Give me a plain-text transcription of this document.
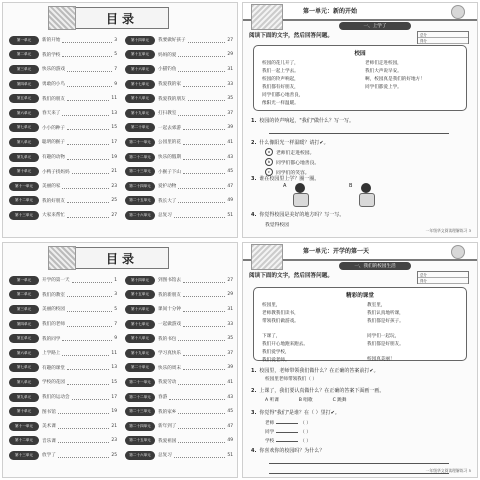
目录
第一单元	新的开始	3
第二单元	我的学校	5
第三单元	快乐的游戏	7
第四单元	勇敢的小鸟	9
第五单元	我们的朋友	11
第六单元	春天来了	13
第七单元	小小的种子	15
第八单元	聪明的猴子	17
第九单元	有趣的动物	19
第十单元	小鸭子找妈妈	21
第十一单元	美丽的家	23
第十二单元	我的好朋友	25
第十三单元	大家来帮忙	27
第十四单元	我要做好孩子	27
第十五单元	妈妈的爱	29
第十六单元	小猫钓鱼	31
第十七单元	我爱我的家	33
第十八单元	我爱我的朋友	35
第十九单元	打扫教室	37
第二十单元	一起去郊游	39
第二十一单元	公园里的花	41
第二十二单元	快乐的假期	43
第二十三单元	小猴子下山	45
第二十四单元	爱护动物	47
第二十五单元	我长大了	49
第二十六单元	总复习	51
第一单元：新的开始
一、上学了
阅读下面的文字，然后回答问题。	总分
得分
校园
校园的花儿开了，	老师们走进校园，
我们一起上学去。	我们大声说早安。
校园的铃声响起，	啊，校园真是我们的好地方！
我们都有好朋友，	同学们都爱上学。
同学们都心地善良，
像阳光一样温暖。
1. 校园的铃声响起，"我们"做什么？写一写。
2. 什么像阳光一样温暖？请打✔。
a	老师们走进校园。
b	同学们都心地善良。
c	同学们的笑容。
3. 谁在校园里上学？圈一圈。
A	B
4. 你觉得校园是美好的地方吗？写一写。
我觉得校园
一年级华文阅读理解练习 3
目录
第一单元	开学的第一天	1
第二单元	我们的教室	3
第三单元	美丽的校园	5
第四单元	我们的老师	7
第五单元	我的同学	9
第六单元	上学路上	11
第七单元	有趣的课堂	13
第八单元	学校的花园	15
第九单元	我们的运动会	17
第十单元	图书馆	19
第十一单元	美术课	21
第十二单元	音乐课	23
第十三单元	放学了	25
第十四单元	到图书馆去	27
第十五单元	我的新朋友	29
第十六单元	课间十分钟	31
第十七单元	一起做游戏	33
第十八单元	我的书包	35
第十九单元	学习真快乐	37
第二十单元	快乐的周末	39
第二十一单元	我爱劳动	41
第二十二单元	春游	43
第二十三单元	我的家乡	45
第二十四单元	新年到了	47
第二十五单元	我爱祖国	49
第二十六单元	总复习	51
第一单元：开学的第一天
一、我们的校园生活
阅读下面的文字，然后回答问题。	总分
得分
精彩的课堂
校园里，
老师教我们读书，
带领我们做游戏。
下课了，
我们开心地跑来跑去。
我们爱学校，
我们爱老师。
教室里，
我们认真地听课，
我们都是好孩子。
同学们一起玩，
我们都是好朋友。
校园真美丽！
1. 校园里，老师带领我们做什么？在正确的答案前打✔。
校园里老师带领我们（ ）
2. 上课了，我们要认真做什么？在正确的答案下面画一画。
A 听课	B 唱歌	C 跳舞
3. 你觉得"我们"是谁？在（ ）里打✔。
老师	（ ）
同学	（ ）
学校	（ ）
4. 你喜欢你的校园吗？为什么？
一年级华文阅读理解练习 5
